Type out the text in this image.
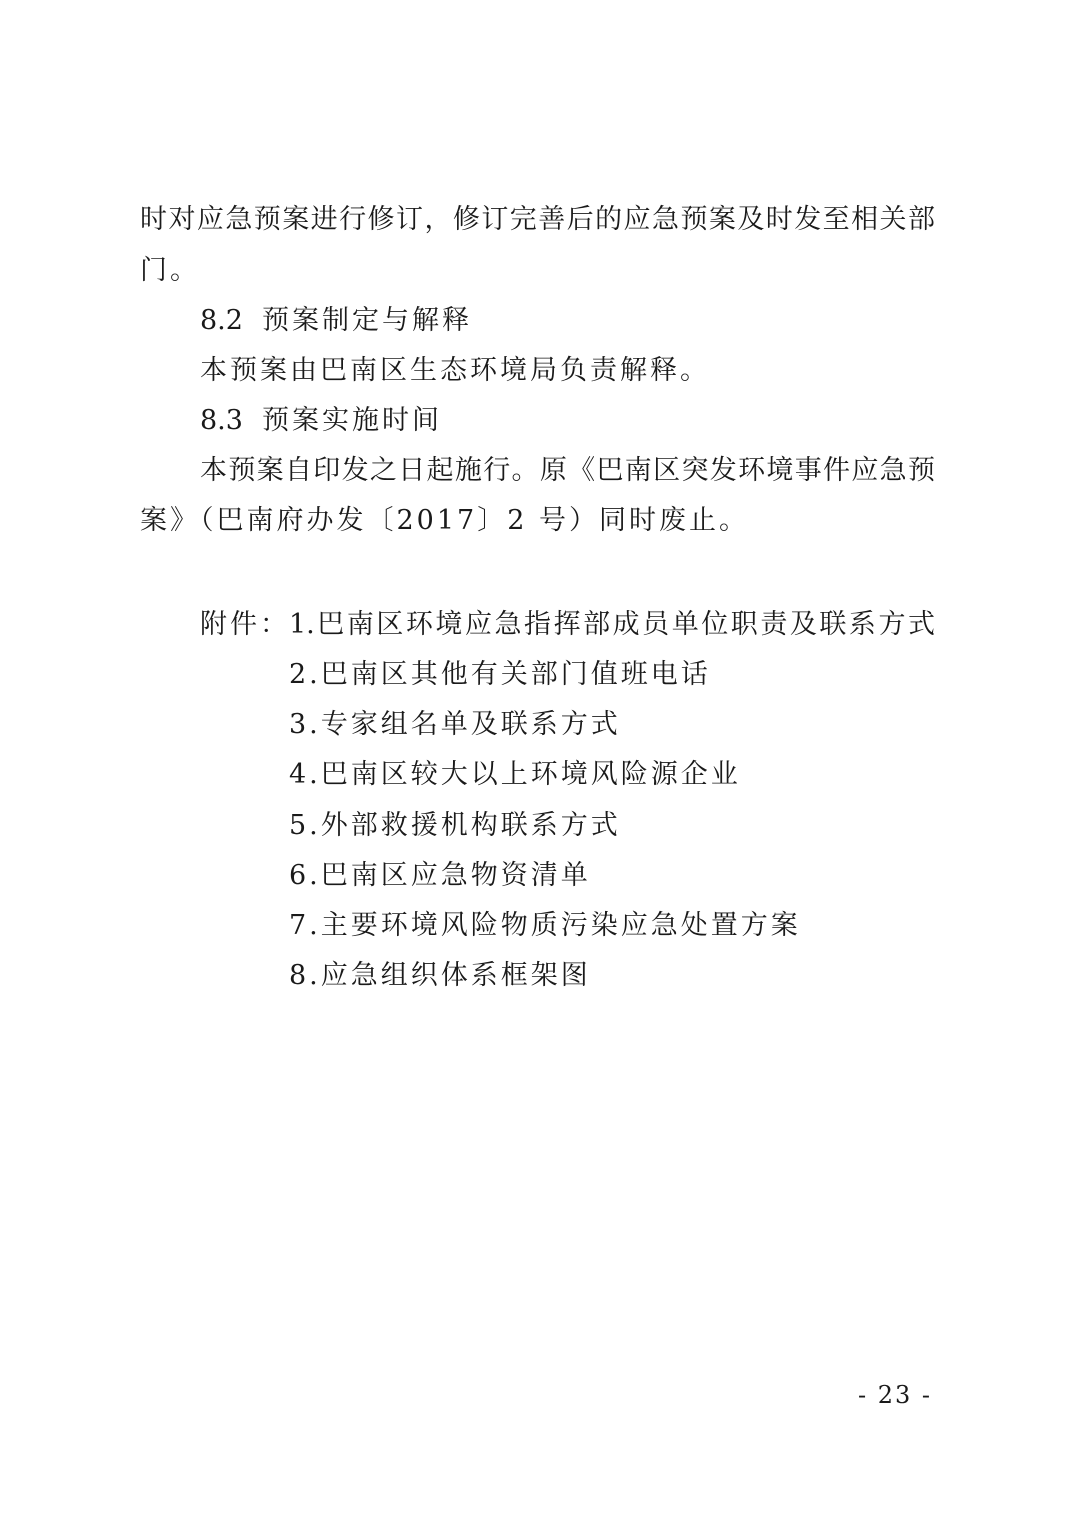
时对应急预案进行修订，修订完善后的应急预案及时发至相关部
门。
8.2 预案制定与解释
本预案由巴南区生态环境局负责解释。
8.3 预案实施时间
本预案自印发之日起施行。原《巴南区突发环境事件应急预
案》（巴南府办发〔2017〕2 号）同时废止。
附件： 1.巴南区环境应急指挥部成员单位职责及联系方式
2.巴南区其他有关部门值班电话
3.专家组名单及联系方式
4.巴南区较大以上环境风险源企业
5.外部救援机构联系方式
6.巴南区应急物资清单
7.主要环境风险物质污染应急处置方案
8.应急组织体系框架图
- 23 -
